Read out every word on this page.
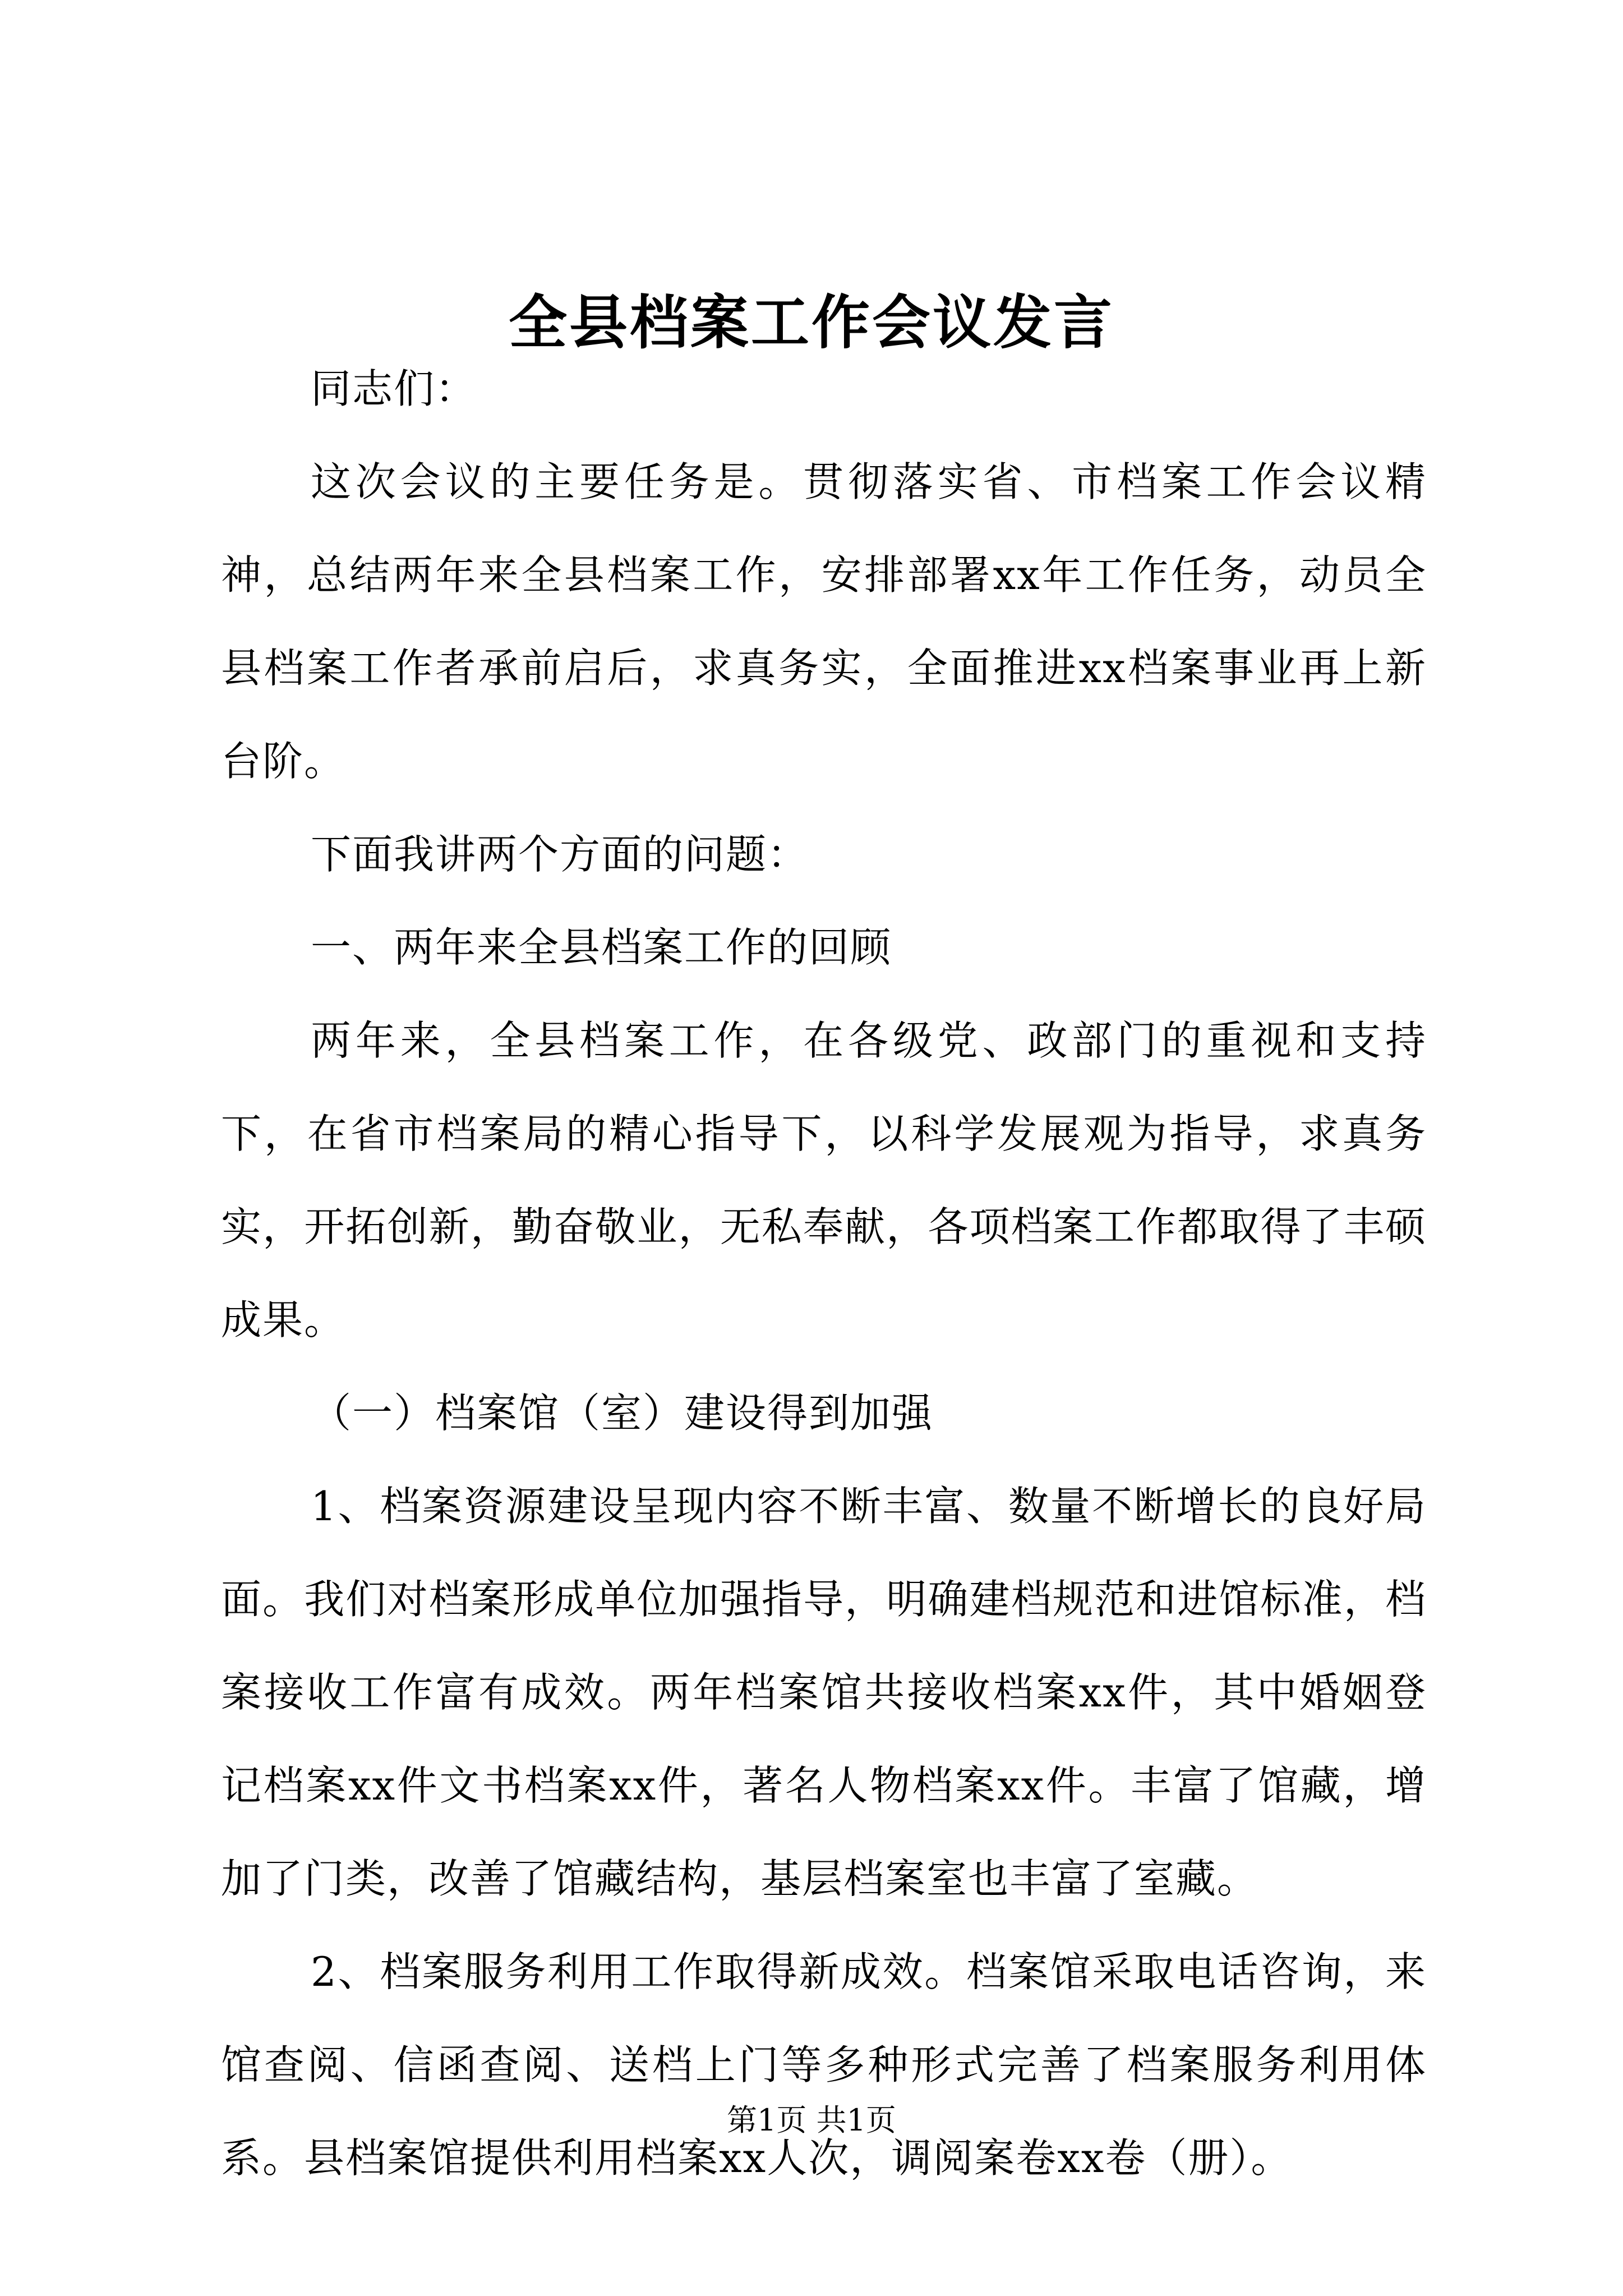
全县档案工作会议发言

同志们：

这次会议的主要任务是。贯彻落实省、市档案工作会议精神，总结两年来全县档案工作，安排部署xx年工作任务，动员全县档案工作者承前启后，求真务实，全面推进xx档案事业再上新台阶。

下面我讲两个方面的问题：

一、两年来全县档案工作的回顾

两年来，全县档案工作，在各级党、政部门的重视和支持下，在省市档案局的精心指导下，以科学发展观为指导，求真务实，开拓创新，勤奋敬业，无私奉献，各项档案工作都取得了丰硕成果。

（一）档案馆（室）建设得到加强

1、档案资源建设呈现内容不断丰富、数量不断增长的良好局面。我们对档案形成单位加强指导，明确建档规范和进馆标准，档案接收工作富有成效。两年档案馆共接收档案xx件，其中婚姻登记档案xx件文书档案xx件，著名人物档案xx件。丰富了馆藏，增加了门类，改善了馆藏结构，基层档案室也丰富了室藏。

2、档案服务利用工作取得新成效。档案馆采取电话咨询，来馆查阅、信函查阅、送档上门等多种形式完善了档案服务利用体系。县档案馆提供利用档案xx人次，调阅案卷xx卷（册）。

第1页 共1页
